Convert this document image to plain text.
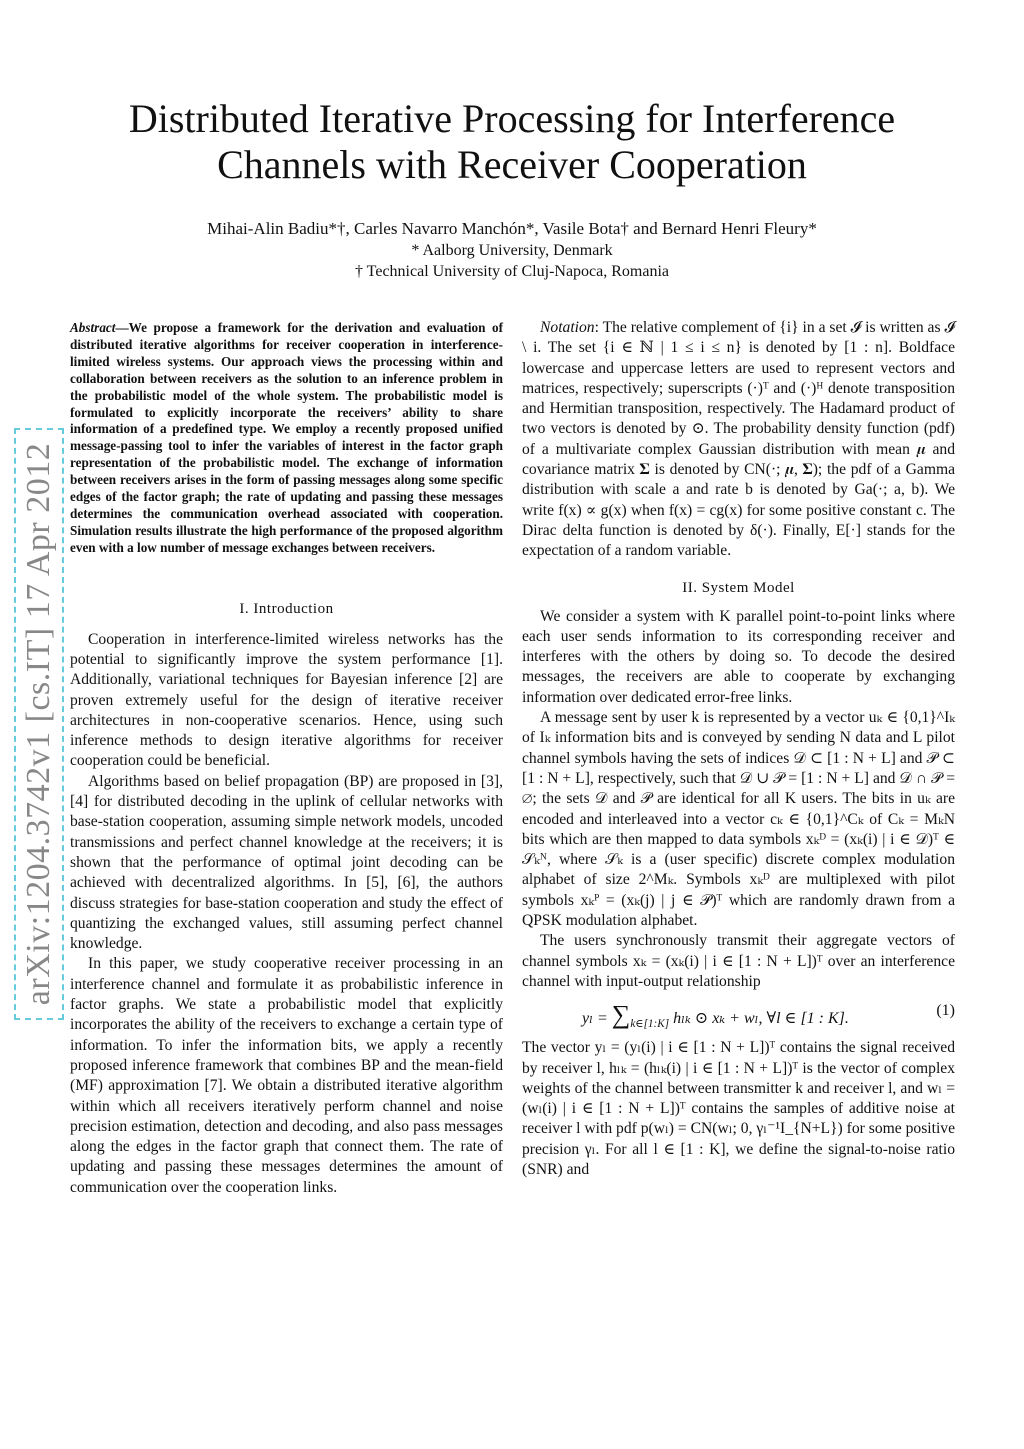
arXiv:1204.3742v1 [cs.IT] 17 Apr 2012
Distributed Iterative Processing for Interference
Channels with Receiver Cooperation
Mihai-Alin Badiu*†, Carles Navarro Manchón*, Vasile Bota† and Bernard Henri Fleury*
* Aalborg University, Denmark
† Technical University of Cluj-Napoca, Romania
Abstract—We propose a framework for the derivation and evaluation of distributed iterative algorithms for receiver cooperation in interference-limited wireless systems. Our approach views the processing within and collaboration between receivers as the solution to an inference problem in the probabilistic model of the whole system. The probabilistic model is formulated to explicitly incorporate the receivers’ ability to share information of a predefined type. We employ a recently proposed unified message-passing tool to infer the variables of interest in the factor graph representation of the probabilistic model. The exchange of information between receivers arises in the form of passing messages along some specific edges of the factor graph; the rate of updating and passing these messages determines the communication overhead associated with cooperation. Simulation results illustrate the high performance of the proposed algorithm even with a low number of message exchanges between receivers.

I. Introduction

Cooperation in interference-limited wireless networks has the potential to significantly improve the system performance [1]. Additionally, variational techniques for Bayesian inference [2] are proven extremely useful for the design of iterative receiver architectures in non-cooperative scenarios. Hence, using such inference methods to design iterative algorithms for receiver cooperation could be beneficial.

Algorithms based on belief propagation (BP) are proposed in [3], [4] for distributed decoding in the uplink of cellular networks with base-station cooperation, assuming simple network models, uncoded transmissions and perfect channel knowledge at the receivers; it is shown that the performance of optimal joint decoding can be achieved with decentralized algorithms. In [5], [6], the authors discuss strategies for base-station cooperation and study the effect of quantizing the exchanged values, still assuming perfect channel knowledge.

In this paper, we study cooperative receiver processing in an interference channel and formulate it as probabilistic inference in factor graphs. We state a probabilistic model that explicitly incorporates the ability of the receivers to exchange a certain type of information. To infer the information bits, we apply a recently proposed inference framework that combines BP and the mean-field (MF) approximation [7]. We obtain a distributed iterative algorithm within which all receivers iteratively perform channel and noise precision estimation, detection and decoding, and also pass messages along the edges in the factor graph that connect them. The rate of updating and passing these messages determines the amount of communication over the cooperation links.

Notation: The relative complement of {i} in a set 𝓘 is written as 𝓘 \ i. The set {i ∈ ℕ | 1 ≤ i ≤ n} is denoted by [1 : n]. Boldface lowercase and uppercase letters are used to represent vectors and matrices, respectively; superscripts (·)ᵀ and (·)ᴴ denote transposition and Hermitian transposition, respectively. The Hadamard product of two vectors is denoted by ⊙. The probability density function (pdf) of a multivariate complex Gaussian distribution with mean 𝝁 and covariance matrix 𝚺 is denoted by CN(·; 𝝁, 𝚺); the pdf of a Gamma distribution with scale a and rate b is denoted by Ga(·; a, b). We write f(x) ∝ g(x) when f(x) = cg(x) for some positive constant c. The Dirac delta function is denoted by δ(·). Finally, E[·] stands for the expectation of a random variable.

II. System Model

We consider a system with K parallel point-to-point links where each user sends information to its corresponding receiver and interferes with the others by doing so. To decode the desired messages, the receivers are able to cooperate by exchanging information over dedicated error-free links.

A message sent by user k is represented by a vector uₖ ∈ {0,1}^Iₖ of Iₖ information bits and is conveyed by sending N data and L pilot channel symbols having the sets of indices 𝒟 ⊂ [1 : N + L] and 𝒫 ⊂ [1 : N + L], respectively, such that 𝒟 ∪ 𝒫 = [1 : N + L] and 𝒟 ∩ 𝒫 = ∅; the sets 𝒟 and 𝒫 are identical for all K users. The bits in uₖ are encoded and interleaved into a vector cₖ ∈ {0,1}^Cₖ of Cₖ = MₖN bits which are then mapped to data symbols xₖᴰ = (xₖ(i) | i ∈ 𝒟)ᵀ ∈ 𝒮ₖᴺ, where 𝒮ₖ is a (user specific) discrete complex modulation alphabet of size 2^Mₖ. Symbols xₖᴰ are multiplexed with pilot symbols xₖᴾ = (xₖ(j) | j ∈ 𝒫)ᵀ which are randomly drawn from a QPSK modulation alphabet.

The users synchronously transmit their aggregate vectors of channel symbols xₖ = (xₖ(i) | i ∈ [1 : N + L])ᵀ over an interference channel with input-output relationship

$y_l = \sum_{k\in[1:K]}$ hₗₖ ⊙ xₖ + wₗ, ∀l ∈ [1 : K].	(1)

The vector yₗ = (yₗ(i) | i ∈ [1 : N + L])ᵀ contains the signal received by receiver l, hₗₖ = (hₗₖ(i) | i ∈ [1 : N + L])ᵀ is the vector of complex weights of the channel between transmitter k and receiver l, and wₗ = (wₗ(i) | i ∈ [1 : N + L])ᵀ contains the samples of additive noise at receiver l with pdf p(wₗ) = CN(wₗ; 0, γₗ⁻¹I_{N+L}) for some positive precision γₗ. For all l ∈ [1 : K], we define the signal-to-noise ratio (SNR) and
